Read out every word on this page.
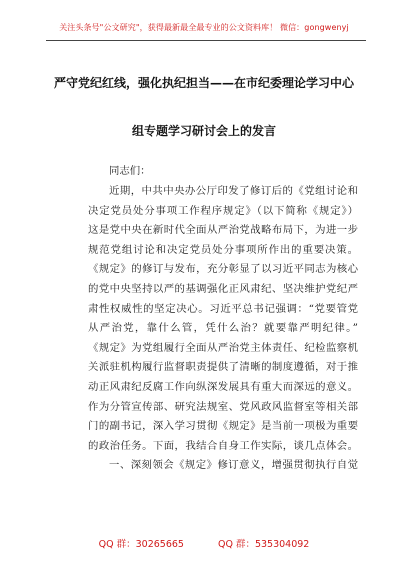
关注头条号"公文研究"，获得最新最全最专业的公文资料库！ 微信：gongwenyj
严守党纪红线，强化执纪担当——在市纪委理论学习中心
组专题学习研讨会上的发言
同志们：
近期，中共中央办公厅印发了修订后的《党组讨论和
决定党员处分事项工作程序规定》（以下简称《规定》）
这是党中央在新时代全面从严治党战略布局下，为进一步
规范党组讨论和决定党员处分事项所作出的重要决策。
《规定》的修订与发布，充分彰显了以习近平同志为核心
的党中央坚持以严的基调强化正风肃纪、坚决维护党纪严
肃性权威性的坚定决心。习近平总书记强调：“党要管党
从严治党，靠什么管，凭什么治？就要靠严明纪律。”
《规定》为党组履行全面从严治党主体责任、纪检监察机
关派驻机构履行监督职责提供了清晰的制度遵循，对于推
动正风肃纪反腐工作向纵深发展具有重大而深远的意义。
作为分管宣传部、研究法规室、党风政风监督室等相关部
门的副书记，深入学习贯彻《规定》是当前一项极为重要
的政治任务。下面，我结合自身工作实际，谈几点体会。
一、深刻领会《规定》修订意义，增强贯彻执行自觉
QQ 群：30265665	QQ 群：535304092
